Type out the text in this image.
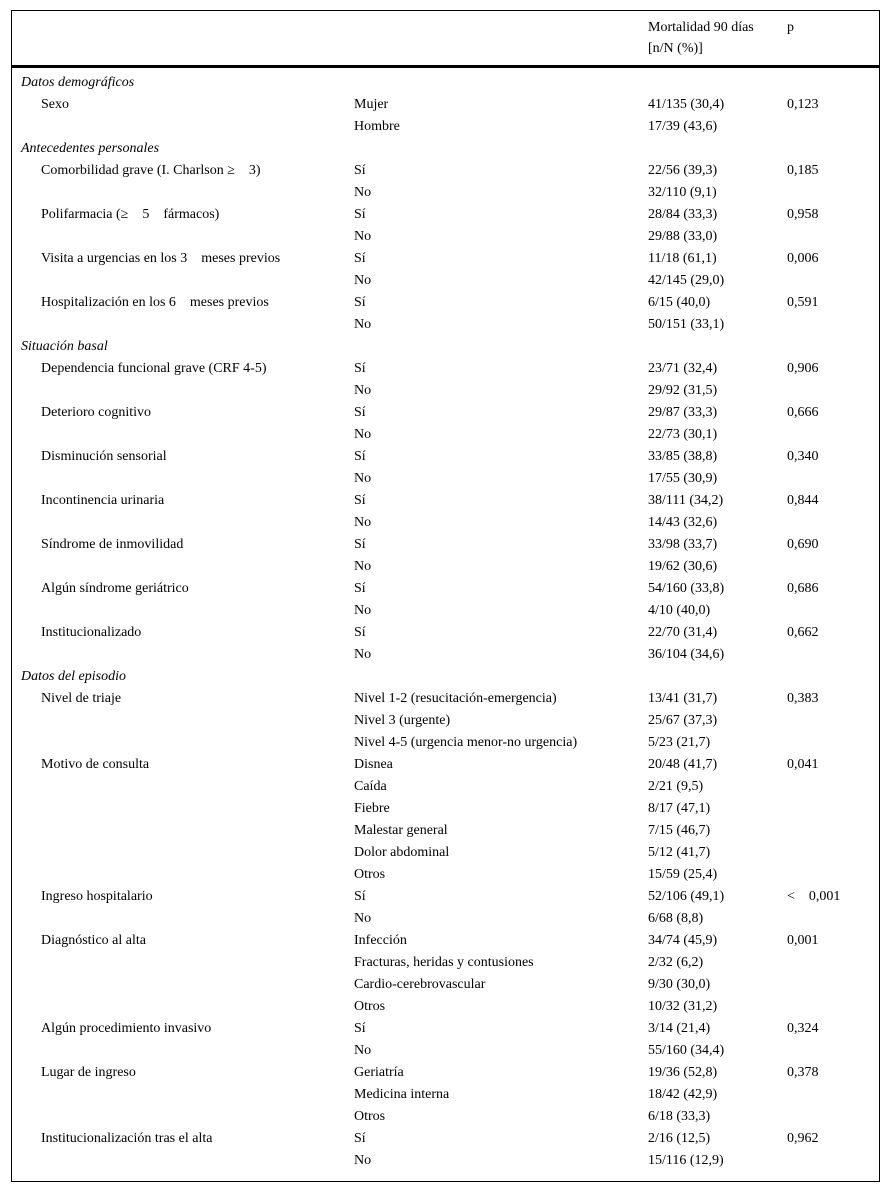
Mortalidad 90 días
[n/N (%)]
p
Datos demográficos
Sexo	Mujer	41/135 (30,4)	0,123
Hombre	17/39 (43,6)
Antecedentes personales
Comorbilidad grave (I. Charlson ≥    3)	Sí	22/56 (39,3)	0,185
No	32/110 (9,1)
Polifarmacia (≥    5    fármacos)	Sí	28/84 (33,3)	0,958
No	29/88 (33,0)
Visita a urgencias en los 3    meses previos	Sí	11/18 (61,1)	0,006
No	42/145 (29,0)
Hospitalización en los 6    meses previos	Sí	6/15 (40,0)	0,591
No	50/151 (33,1)
Situación basal
Dependencia funcional grave (CRF 4-5)	Sí	23/71 (32,4)	0,906
No	29/92 (31,5)
Deterioro cognitivo	Sí	29/87 (33,3)	0,666
No	22/73 (30,1)
Disminución sensorial	Sí	33/85 (38,8)	0,340
No	17/55 (30,9)
Incontinencia urinaria	Sí	38/111 (34,2)	0,844
No	14/43 (32,6)
Síndrome de inmovilidad	Sí	33/98 (33,7)	0,690
No	19/62 (30,6)
Algún síndrome geriátrico	Sí	54/160 (33,8)	0,686
No	4/10 (40,0)
Institucionalizado	Sí	22/70 (31,4)	0,662
No	36/104 (34,6)
Datos del episodio
Nivel de triaje	Nivel 1-2 (resucitación-emergencia)	13/41 (31,7)	0,383
Nivel 3 (urgente)	25/67 (37,3)
Nivel 4-5 (urgencia menor-no urgencia)	5/23 (21,7)
Motivo de consulta	Disnea	20/48 (41,7)	0,041
Caída	2/21 (9,5)
Fiebre	8/17 (47,1)
Malestar general	7/15 (46,7)
Dolor abdominal	5/12 (41,7)
Otros	15/59 (25,4)
Ingreso hospitalario	Sí	52/106 (49,1)	<    0,001
No	6/68 (8,8)
Diagnóstico al alta	Infección	34/74 (45,9)	0,001
Fracturas, heridas y contusiones	2/32 (6,2)
Cardio-cerebrovascular	9/30 (30,0)
Otros	10/32 (31,2)
Algún procedimiento invasivo	Sí	3/14 (21,4)	0,324
No	55/160 (34,4)
Lugar de ingreso	Geriatría	19/36 (52,8)	0,378
Medicina interna	18/42 (42,9)
Otros	6/18 (33,3)
Institucionalización tras el alta	Sí	2/16 (12,5)	0,962
No	15/116 (12,9)
